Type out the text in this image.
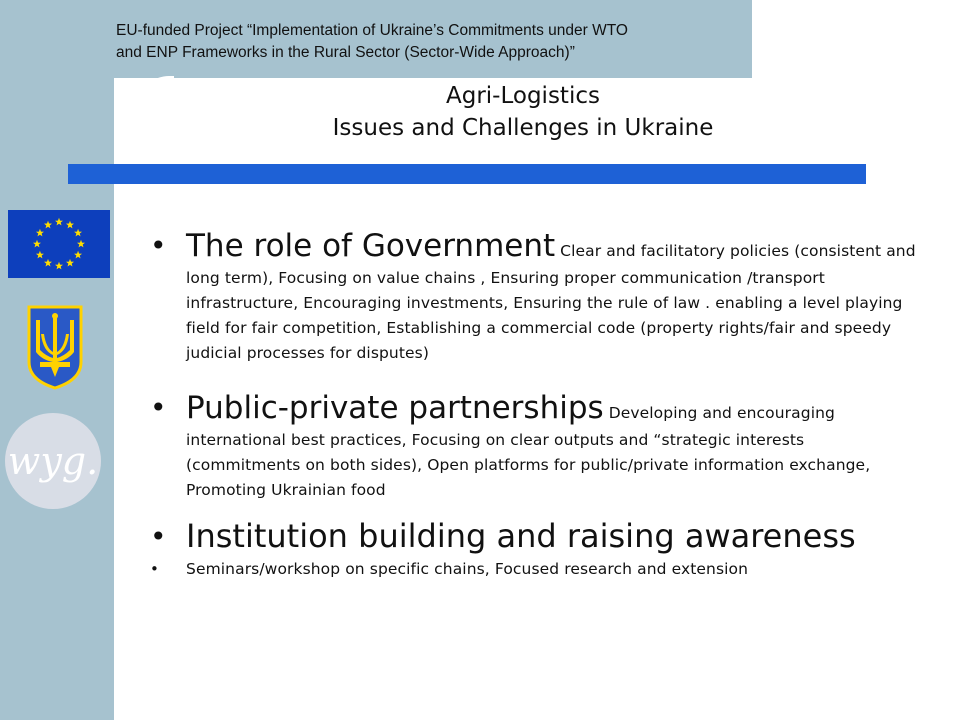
EU-funded Project “Implementation of Ukraine’s Commitments under WTO
and ENP Frameworks in the Rural Sector (Sector-Wide Approach)”
Agri-Logistics
Issues and Challenges in Ukraine
wyg.
• The role of Government Clear and facilitatory policies (consistent and long term), Focusing on value chains , Ensuring proper communication /transport infrastructure, Encouraging investments, Ensuring the rule of law . enabling a level playing field for fair competition, Establishing a commercial code (property rights/fair and speedy judicial processes for disputes)
• Public-private partnerships Developing and encouraging international best practices, Focusing on clear outputs and “strategic interests (commitments on both sides), Open platforms for public/private information exchange, Promoting Ukrainian food
• Institution building and raising awareness
• Seminars/workshop on specific chains, Focused research and extension
